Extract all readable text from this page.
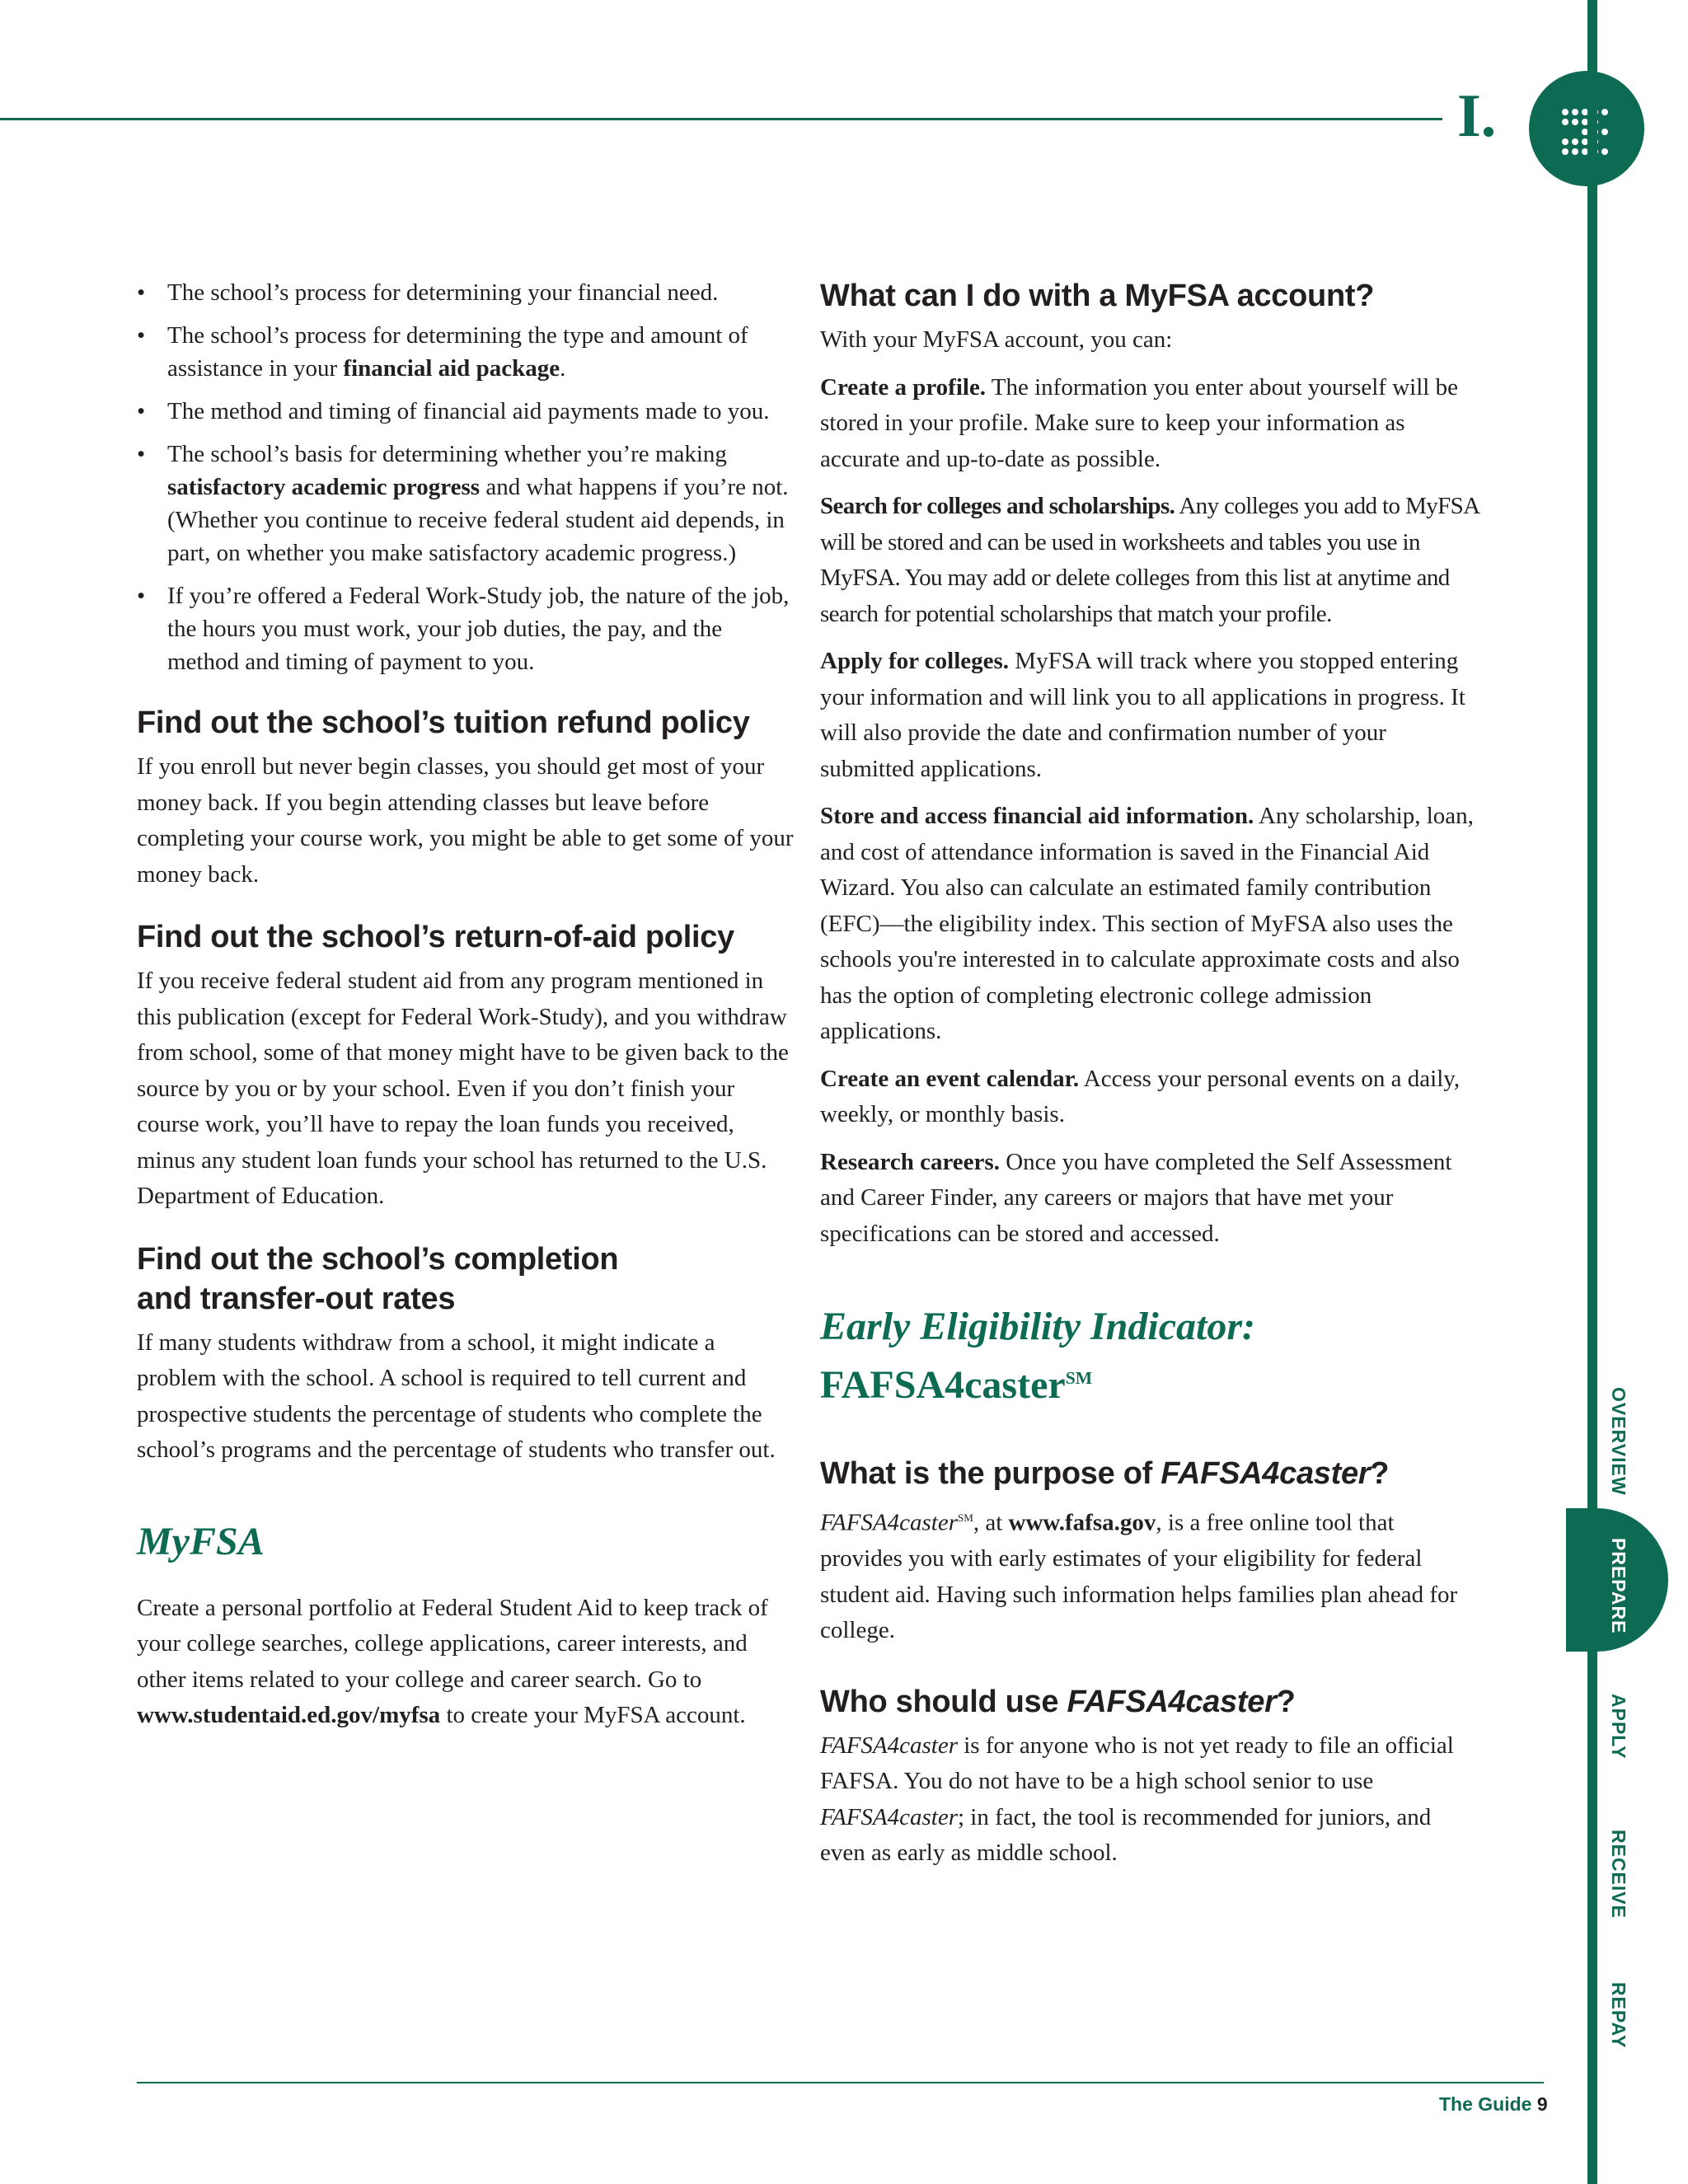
I.
OVERVIEW
PREPARE
APPLY
RECEIVE
REPAY
• The school’s process for determining your financial need.
• The school’s process for determining the type and amount of assistance in your financial aid package.
• The method and timing of financial aid payments made to you.
• The school’s basis for determining whether you’re making satisfactory academic progress and what happens if you’re not. (Whether you continue to receive federal student aid depends, in part, on whether you make satisfactory academic progress.)
• If you’re offered a Federal Work-Study job, the nature of the job, the hours you must work, your job duties, the pay, and the method and timing of payment to you.
Find out the school’s tuition refund policy

If you enroll but never begin classes, you should get most of your money back. If you begin attending classes but leave before completing your course work, you might be able to get some of your money back.

Find out the school’s return-of-aid policy

If you receive federal student aid from any program mentioned in this publication (except for Federal Work-Study), and you withdraw from school, some of that money might have to be given back to the source by you or by your school. Even if you don’t finish your course work, you’ll have to repay the loan funds you received, minus any student loan funds your school has returned to the U.S. Department of Education.

Find out the school’s completion
and transfer-out rates

If many students withdraw from a school, it might indicate a problem with the school. A school is required to tell current and prospective students the percentage of students who complete the school’s programs and the percentage of students who transfer out.

MyFSA

Create a personal portfolio at Federal Student Aid to keep track of your college searches, college applications, career interests, and other items related to your college and career search. Go to www.studentaid.ed.gov/myfsa to create your MyFSA account.

What can I do with a MyFSA account?

With your MyFSA account, you can:

Create a profile. The information you enter about yourself will be stored in your profile. Make sure to keep your information as accurate and up-to-date as possible.

Search for colleges and scholarships. Any colleges you add to MyFSA will be stored and can be used in worksheets and tables you use in MyFSA. You may add or delete colleges from this list at anytime and search for potential scholarships that match your profile.

Apply for colleges. MyFSA will track where you stopped entering your information and will link you to all applications in progress. It will also provide the date and confirmation number of your submitted applications.

Store and access financial aid information. Any scholarship, loan, and cost of attendance information is saved in the Financial Aid Wizard. You also can calculate an estimated family contribution (EFC)—the eligibility index. This section of MyFSA also uses the schools you're interested in to calculate approximate costs and also has the option of completing electronic college admission applications.

Create an event calendar. Access your personal events on a daily, weekly, or monthly basis.

Research careers. Once you have completed the Self Assessment and Career Finder, any careers or majors that have met your specifications can be stored and accessed.

Early Eligibility Indicator:
FAFSA4caster℠
What is the purpose of FAFSA4caster?

FAFSA4caster℠, at www.fafsa.gov, is a free online tool that provides you with early estimates of your eligibility for federal student aid. Having such information helps families plan ahead for college.

Who should use FAFSA4caster?

FAFSA4caster is for anyone who is not yet ready to file an official FAFSA. You do not have to be a high school senior to use FAFSA4caster; in fact, the tool is recommended for juniors, and even as early as middle school.

The Guide 9
